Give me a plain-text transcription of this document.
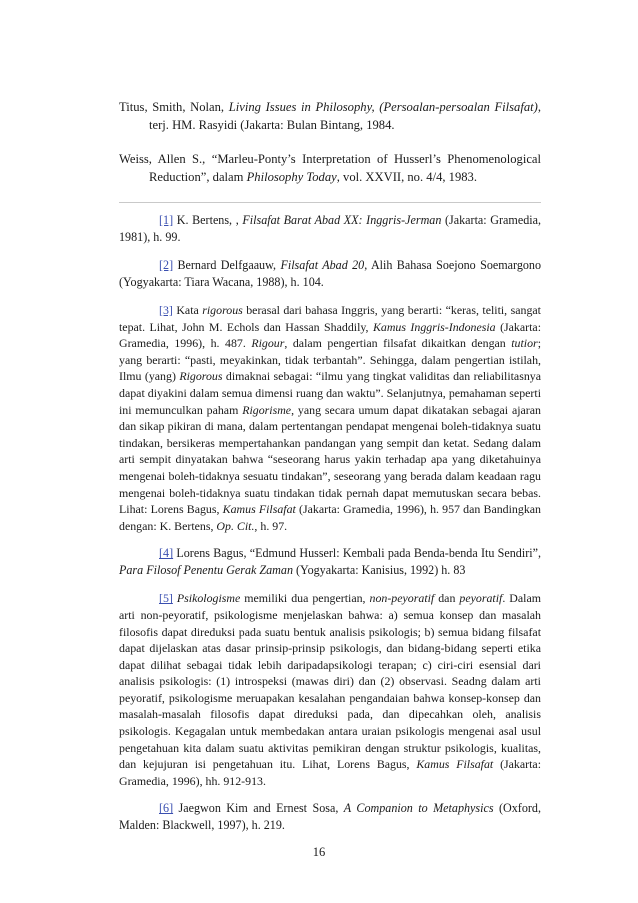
Titus, Smith, Nolan, Living Issues in Philosophy, (Persoalan-persoalan Filsafat), terj. HM. Rasyidi (Jakarta: Bulan Bintang, 1984.

Weiss, Allen S., “Marleu-Ponty’s Interpretation of Husserl’s Phenomenological Reduction”, dalam Philosophy Today, vol. XXVII, no. 4/4, 1983.

[1] K. Bertens, , Filsafat Barat Abad XX: Inggris-Jerman (Jakarta: Gramedia, 1981), h. 99.

[2] Bernard Delfgaauw, Filsafat Abad 20, Alih Bahasa Soejono Soemargono (Yogyakarta: Tiara Wacana, 1988), h. 104.

[3] Kata rigorous berasal dari bahasa Inggris, yang berarti: “keras, teliti, sangat tepat. Lihat, John M. Echols dan Hassan Shaddily, Kamus Inggris-Indonesia (Jakarta: Gramedia, 1996), h. 487. Rigour, dalam pengertian filsafat dikaitkan dengan tutior; yang berarti: “pasti, meyakinkan, tidak terbantah”. Sehingga, dalam pengertian istilah, Ilmu (yang) Rigorous dimaknai sebagai: “ilmu yang tingkat validitas dan reliabilitasnya dapat diyakini dalam semua dimensi ruang dan waktu”. Selanjutnya, pemahaman seperti ini memunculkan paham Rigorisme, yang secara umum dapat dikatakan sebagai ajaran dan sikap pikiran di mana, dalam pertentangan pendapat mengenai boleh-tidaknya suatu tindakan, bersikeras mempertahankan pandangan yang sempit dan ketat. Sedang dalam arti sempit dinyatakan bahwa “seseorang harus yakin terhadap apa yang diketahuinya mengenai boleh-tidaknya sesuatu tindakan”, seseorang yang berada dalam keadaan ragu mengenai boleh-tidaknya suatu tindakan tidak pernah dapat memutuskan secara bebas. Lihat: Lorens Bagus, Kamus Filsafat (Jakarta: Gramedia, 1996), h. 957 dan Bandingkan dengan: K. Bertens, Op. Cit., h. 97.

[4] Lorens Bagus, “Edmund Husserl: Kembali pada Benda-benda Itu Sendiri”, Para Filosof Penentu Gerak Zaman (Yogyakarta: Kanisius, 1992) h. 83

[5] Psikologisme memiliki dua pengertian, non-peyoratif dan peyoratif. Dalam arti non-peyoratif, psikologisme menjelaskan bahwa: a) semua konsep dan masalah filosofis dapat direduksi pada suatu bentuk analisis psikologis; b) semua bidang filsafat dapat dijelaskan atas dasar prinsip-prinsip psikologis, dan bidang-bidang seperti etika dapat dilihat sebagai tidak lebih daripadapsikologi terapan; c) ciri-ciri esensial dari analisis psikologis: (1) introspeksi (mawas diri) dan (2) observasi. Seadng dalam arti peyoratif, psikologisme meruapakan kesalahan pengandaian bahwa konsep-konsep dan masalah-masalah filosofis dapat direduksi pada, dan dipecahkan oleh, analisis psikologis. Kegagalan untuk membedakan antara uraian psikologis mengenai asal usul pengetahuan kita dalam suatu aktivitas pemikiran dengan struktur psikologis, kualitas, dan kejujuran isi pengetahuan itu. Lihat, Lorens Bagus, Kamus Filsafat (Jakarta: Gramedia, 1996), hh. 912-913.

[6] Jaegwon Kim and Ernest Sosa, A Companion to Metaphysics (Oxford, Malden: Blackwell, 1997), h. 219.

16
